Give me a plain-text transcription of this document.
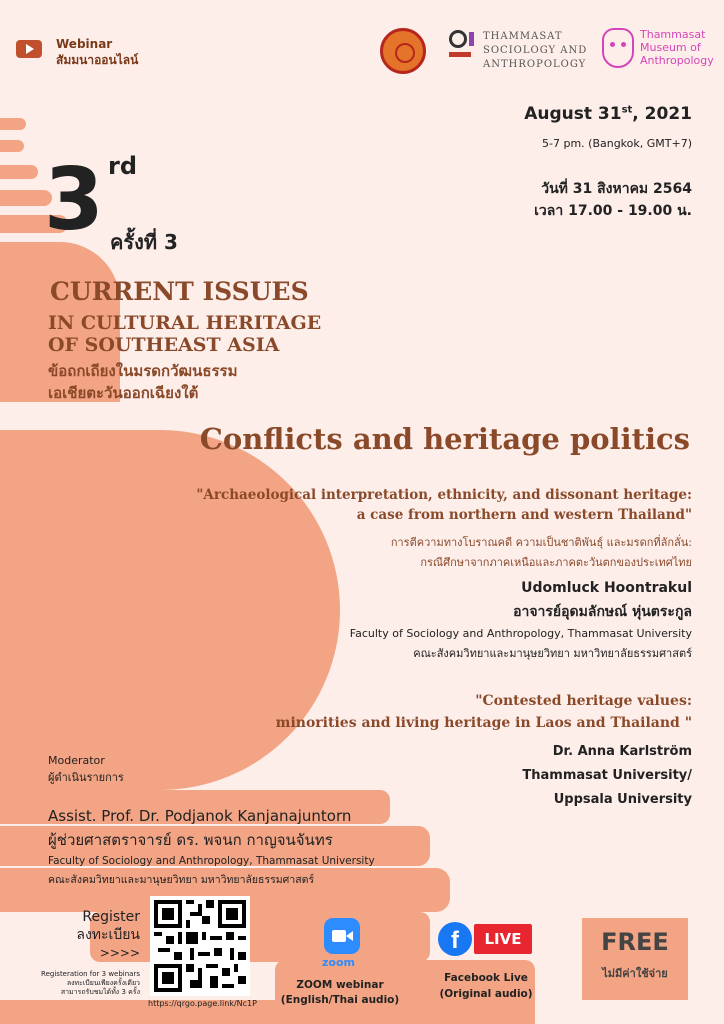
Webinar
สัมมนาออนไลน์
THAMMASAT
SOCIOLOGY AND
ANTHROPOLOGY
Thammasat
Museum of
Anthropology
August 31st, 2021
5-7 pm. (Bangkok, GMT+7)
วันที่ 31 สิงหาคม 2564
เวลา 17.00 - 19.00 น.
3 rd
ครั้งที่ 3
CURRENT ISSUES
IN CULTURAL HERITAGE
OF SOUTHEAST ASIA
ข้อถกเถียงในมรดกวัฒนธรรม
เอเชียตะวันออกเฉียงใต้
Conflicts and heritage politics
"Archaeological interpretation, ethnicity, and dissonant heritage:
a case from northern and western Thailand"
การตีความทางโบราณคดี ความเป็นชาติพันธุ์ และมรดกที่ลักลั่น:
กรณีศึกษาจากภาคเหนือและภาคตะวันตกของประเทศไทย
Udomluck Hoontrakul
อาจารย์อุดมลักษณ์ หุ่นตระกูล
Faculty of Sociology and Anthropology, Thammasat University
คณะสังคมวิทยาและมานุษยวิทยา มหาวิทยาลัยธรรมศาสตร์
"Contested heritage values:
minorities and living heritage in Laos and Thailand "
Dr. Anna Karlström
Thammasat University/
Uppsala University
Moderator
ผู้ดำเนินรายการ
Assist. Prof. Dr. Podjanok Kanjanajuntorn
ผู้ช่วยศาสตราจารย์ ดร. พจนก กาญจนจันทร
Faculty of Sociology and Anthropology, Thammasat University
คณะสังคมวิทยาและมานุษยวิทยา มหาวิทยาลัยธรรมศาสตร์
Register
ลงทะเบียน
>>>>
Registeration for 3 webinars
ลงทะเบียนเพียงครั้งเดียว
สามารถรับชมได้ทั้ง 3 ครั้ง
https://qrgo.page.link/Nc1P
zoom
ZOOM webinar
(English/Thai audio)
f	LIVE
Facebook Live
(Original audio)
FREE
ไม่มีค่าใช้จ่าย
